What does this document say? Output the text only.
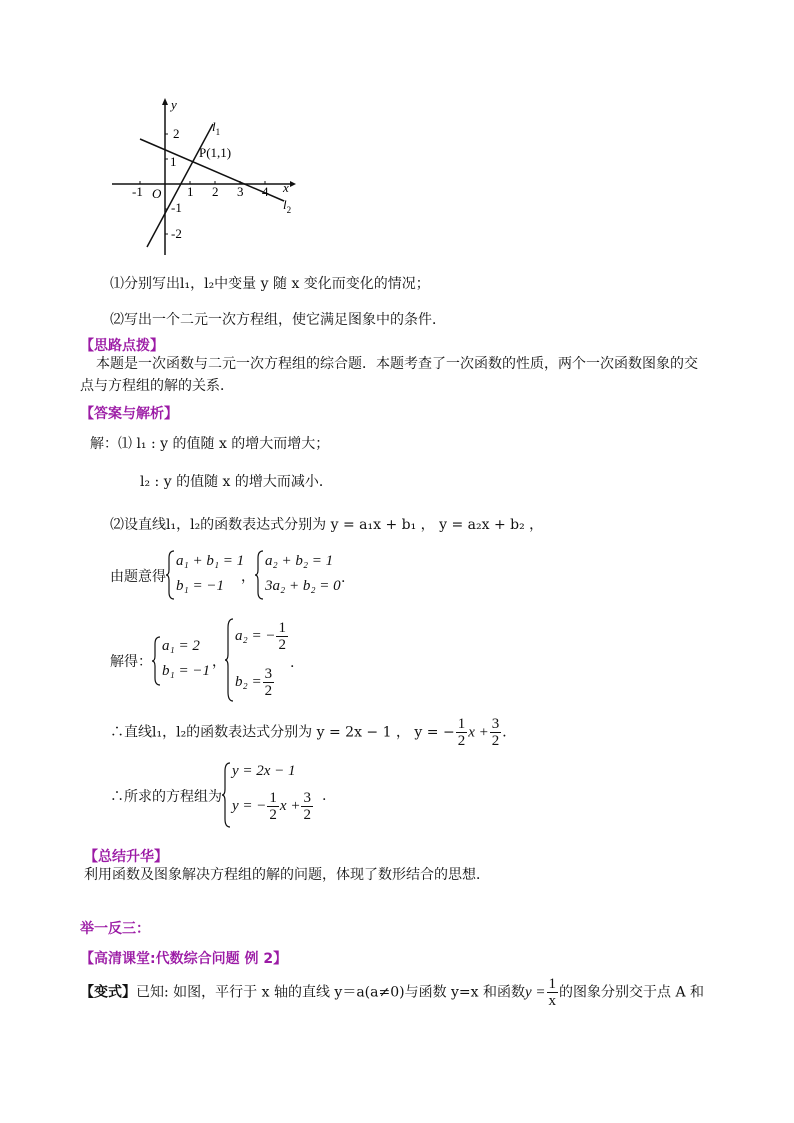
y
x
2
1
-1
-2
-1 O 1 2 3 4
P(1,1)
$l_1$
$l_2$
⑴分别写出l₁，l₂中变量 y 随 x 变化而变化的情况；
⑵写出一个二元一次方程组，使它满足图象中的条件．
【思路点拨】
本题是一次函数与二元一次方程组的综合题．本题考查了一次函数的性质，两个一次函数图象的交
点与方程组的解的关系．
【答案与解析】
解：⑴ l₁ : y 的值随 x 的增大而增大；
l₂ : y 的值随 x 的增大而减小．
⑵设直线l₁，l₂的函数表达式分别为 y = a₁x + b₁ ， y = a₂x + b₂ ，
由题意得
a₁ + b₁ = 1
b₁ = −1
，
a₂ + b₂ = 1
3a₂ + b₂ = 0 .
解得：
a₁ = 2
b₁ = −1
，
a₂ = − $\frac{1}{2}$
$b_2 = \frac{3}{2}$
.
∴直线l₁，l₂的函数表达式分别为 y = 2x − 1 ， y = − $\frac{1}{2}$ $x + \frac{3}{2}$ ．
∴所求的方程组为
y = 2x − 1
y = − $\frac{1}{2}$ $x + \frac{3}{2}$ .
【总结升华】
利用函数及图象解决方程组的解的问题，体现了数形结合的思想．
举一反三：
【高清课堂:代数综合问题 例 2】
【变式】已知: 如图，平行于 x 轴的直线 y＝a(a≠0)与函数 y=x 和函数$y = \frac{1}{x}$ 的图象分别交于点 A 和
